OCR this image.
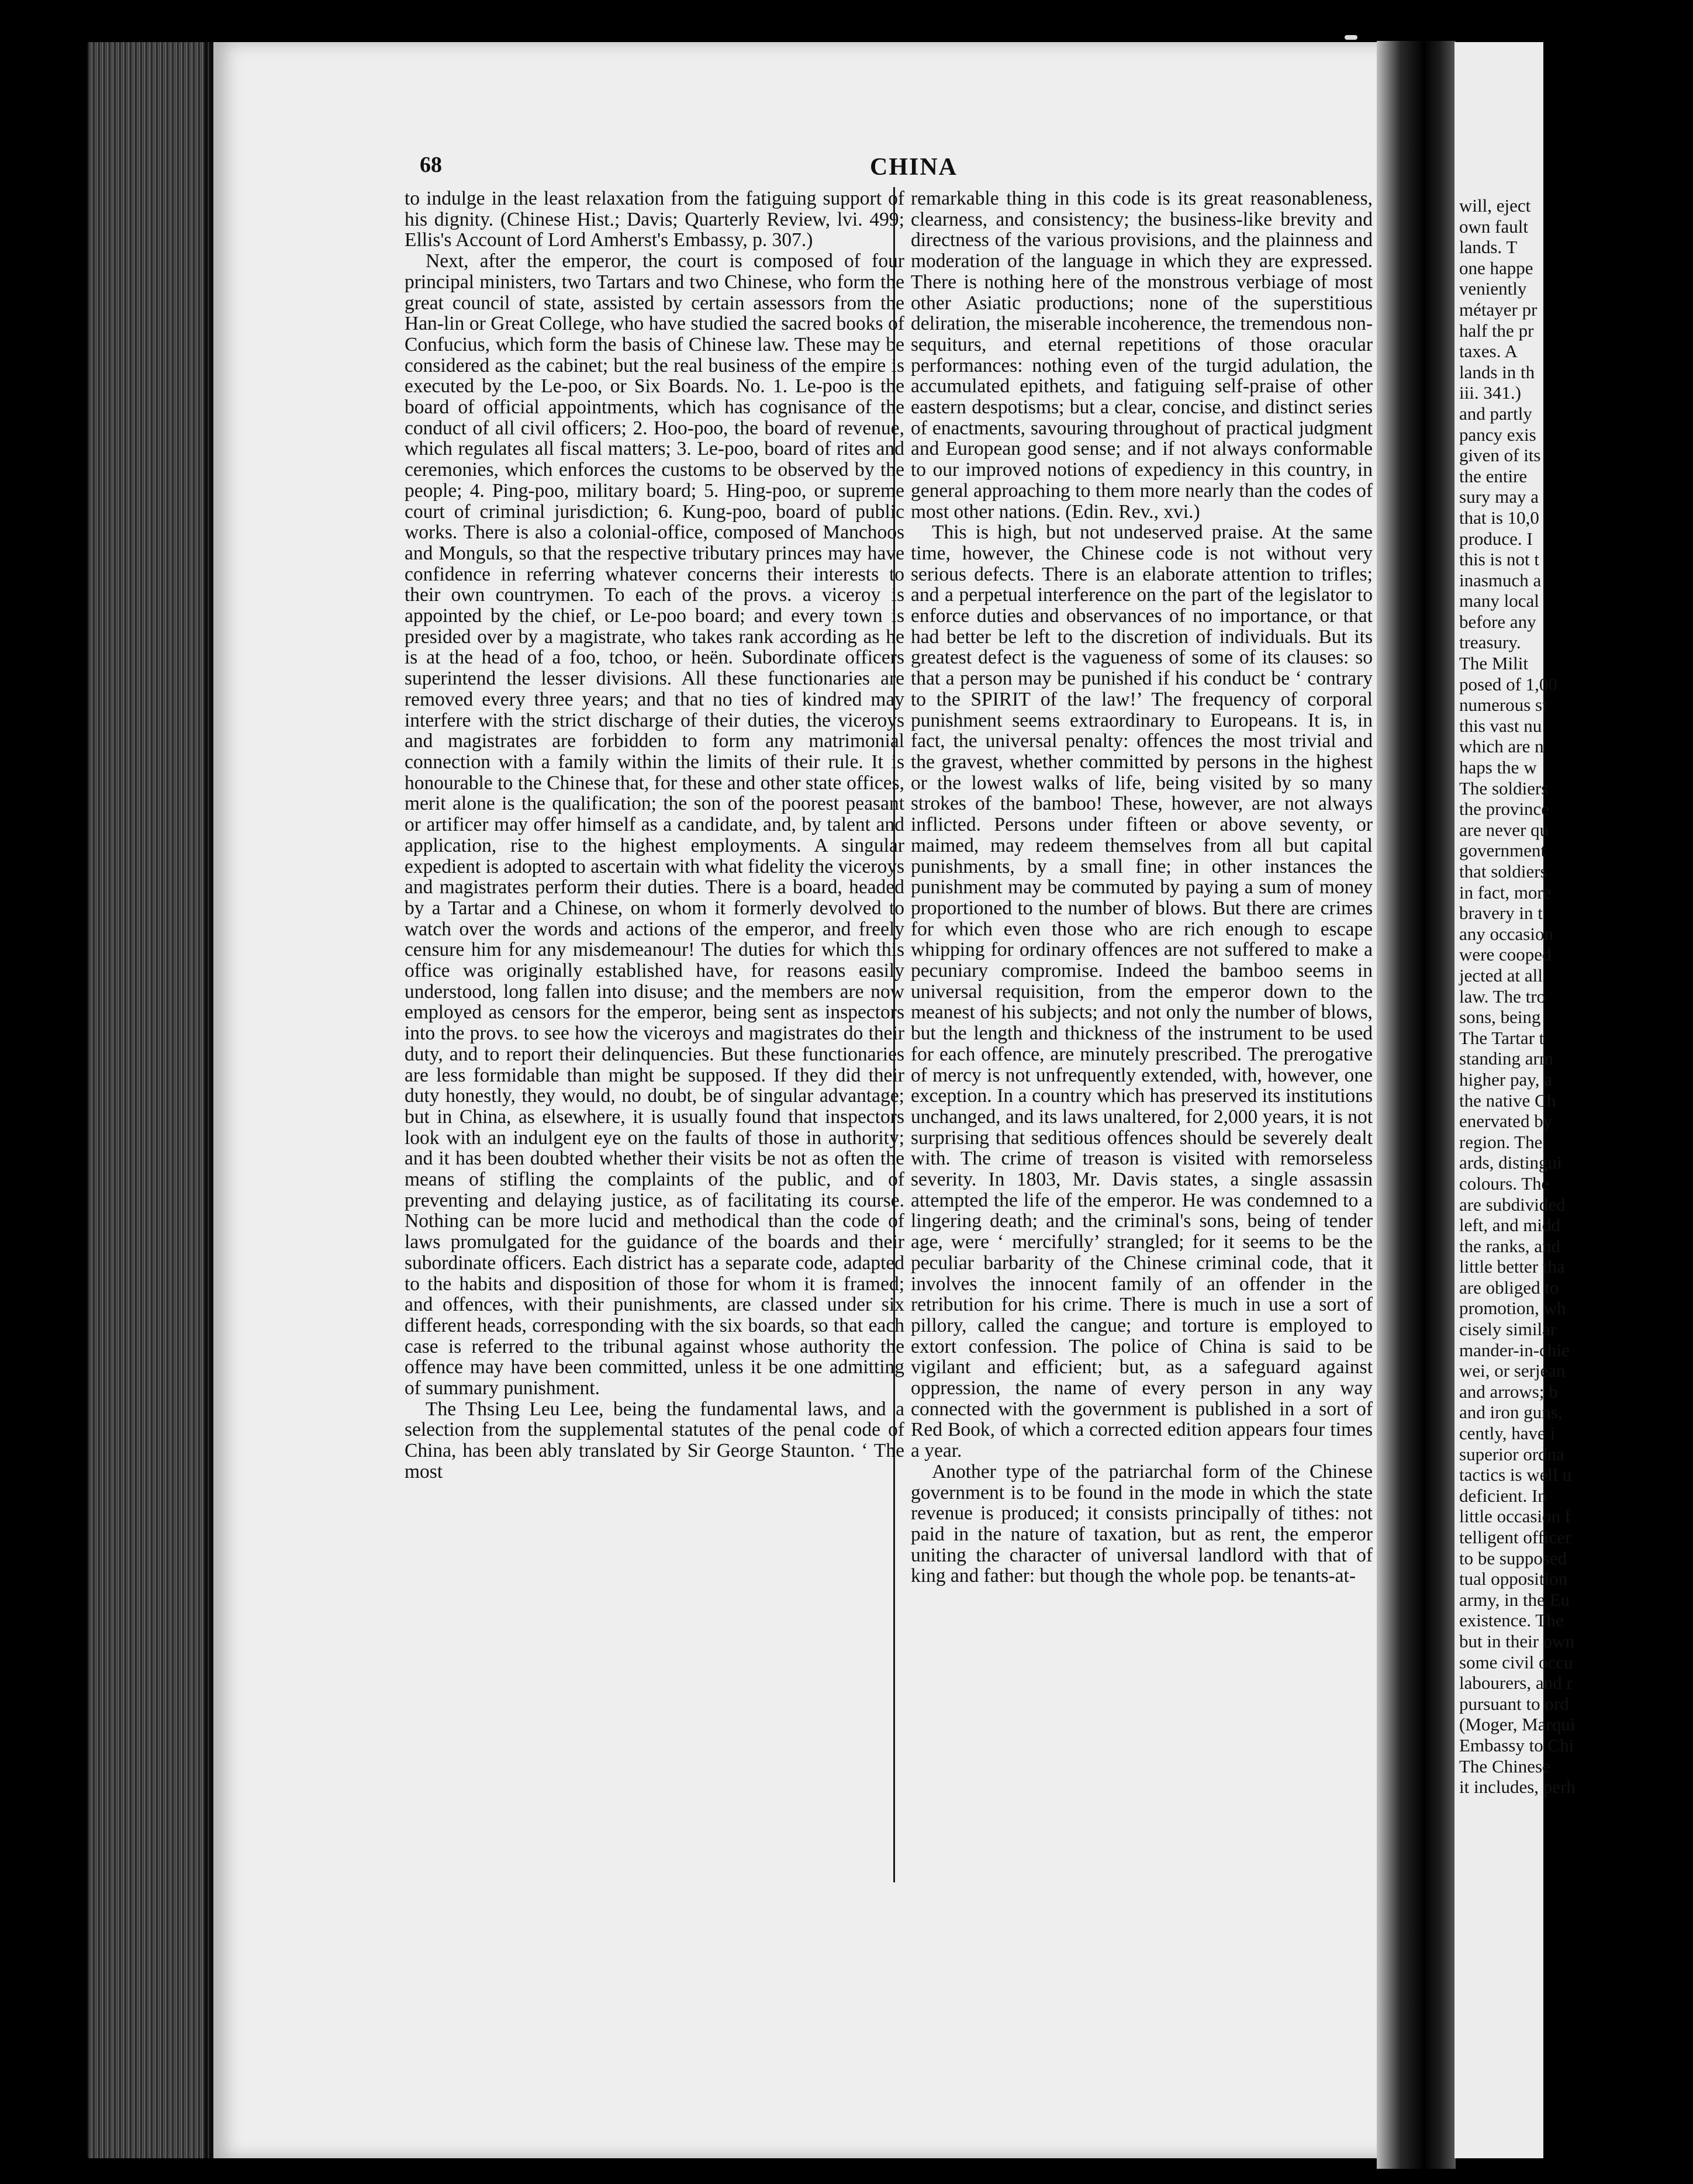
will, eject
own fault
lands. T
one happe
veniently
métayer pr
half the pr
taxes. A
lands in th
iii. 341.)
and partly
pancy exis
given of its
the entire
sury may a
that is 10,0
produce. I
this is not t
inasmuch a
many local
before any
treasury.
The Milit
posed of 1,00
numerous st
this vast nu
which are n
haps the w
The soldiers
the province
are never qu
government
that soldiers
in fact, more
bravery in t
any occasion
were cooped
jected at all
law. The tro
sons, being
The Tartar t
standing arm
higher pay, a
the native Ch
enervated by
region. The
ards, distingui
colours. The
are subdivided
left, and midd
the ranks, and
little better tha
are obliged to
promotion, wh
cisely similar
mander-in-chie
wei, or serjean
and arrows; b
and iron guns,
cently, have i
superior ordna
tactics is well u
deficient. In
little occasion f
telligent officer
to be supposed
tual opposition
army, in the Eu
existence. The
but in their own
some civil occu
labourers, and r
pursuant to ord
(Moger, Marqui
Embassy to Chi
The Chinese
it includes, perh
68	CHINA

to indulge in the least relaxation from the fatiguing support of his dignity. (Chinese Hist.; Davis; Quarterly Review, lvi. 499; Ellis's Account of Lord Amherst's Embassy, p. 307.)

Next, after the emperor, the court is composed of four principal ministers, two Tartars and two Chinese, who form the great council of state, assisted by certain assessors from the Han-lin or Great College, who have studied the sacred books of Confucius, which form the basis of Chinese law. These may be considered as the cabinet; but the real business of the empire is executed by the Le-poo, or Six Boards. No. 1. Le-poo is the board of official appointments, which has cognisance of the conduct of all civil officers; 2. Hoo-poo, the board of revenue, which regulates all fiscal matters; 3. Le-poo, board of rites and ceremonies, which enforces the customs to be observed by the people; 4. Ping-poo, military board; 5. Hing-poo, or supreme court of criminal jurisdiction; 6. Kung-poo, board of public works. There is also a colonial-office, composed of Manchoos and Monguls, so that the respective tributary princes may have confidence in referring whatever concerns their interests to their own countrymen. To each of the provs. a viceroy is appointed by the chief, or Le-poo board; and every town is presided over by a magistrate, who takes rank according as he is at the head of a foo, tchoo, or heën. Subordinate officers superintend the lesser divisions. All these functionaries are removed every three years; and that no ties of kindred may interfere with the strict discharge of their duties, the viceroys and magistrates are forbidden to form any matrimonial connection with a family within the limits of their rule. It is honourable to the Chinese that, for these and other state offices, merit alone is the qualification; the son of the poorest peasant or artificer may offer himself as a candidate, and, by talent and application, rise to the highest employments. A singular expedient is adopted to ascertain with what fidelity the viceroys and magistrates perform their duties. There is a board, headed by a Tartar and a Chinese, on whom it formerly devolved to watch over the words and actions of the emperor, and freely censure him for any misdemeanour! The duties for which this office was originally established have, for reasons easily understood, long fallen into disuse; and the members are now employed as censors for the emperor, being sent as inspectors into the provs. to see how the viceroys and magistrates do their duty, and to report their delinquencies. But these functionaries are less formidable than might be supposed. If they did their duty honestly, they would, no doubt, be of singular advantage; but in China, as elsewhere, it is usually found that inspectors look with an indulgent eye on the faults of those in authority; and it has been doubted whether their visits be not as often the means of stifling the complaints of the public, and of preventing and delaying justice, as of facilitating its course. Nothing can be more lucid and methodical than the code of laws promulgated for the guidance of the boards and their subordinate officers. Each district has a separate code, adapted to the habits and disposition of those for whom it is framed; and offences, with their punishments, are classed under six different heads, corresponding with the six boards, so that each case is referred to the tribunal against whose authority the offence may have been committed, unless it be one admitting of summary punishment.

The Thsing Leu Lee, being the fundamental laws, and a selection from the supplemental statutes of the penal code of China, has been ably translated by Sir George Staunton. ‘ The most

remarkable thing in this code is its great reasonableness, clearness, and consistency; the business-like brevity and directness of the various provisions, and the plainness and moderation of the language in which they are expressed. There is nothing here of the monstrous verbiage of most other Asiatic productions; none of the superstitious deliration, the miserable incoherence, the tremendous non-sequiturs, and eternal repetitions of those oracular performances: nothing even of the turgid adulation, the accumulated epithets, and fatiguing self-praise of other eastern despotisms; but a clear, concise, and distinct series of enactments, savouring throughout of practical judgment and European good sense; and if not always conformable to our improved notions of expediency in this country, in general approaching to them more nearly than the codes of most other nations. (Edin. Rev., xvi.)

This is high, but not undeserved praise. At the same time, however, the Chinese code is not without very serious defects. There is an elaborate attention to trifles; and a perpetual interference on the part of the legislator to enforce duties and observances of no importance, or that had better be left to the discretion of individuals. But its greatest defect is the vagueness of some of its clauses: so that a person may be punished if his conduct be ‘ contrary to the SPIRIT of the law!’ The frequency of corporal punishment seems extraordinary to Europeans. It is, in fact, the universal penalty: offences the most trivial and the gravest, whether committed by persons in the highest or the lowest walks of life, being visited by so many strokes of the bamboo! These, however, are not always inflicted. Persons under fifteen or above seventy, or maimed, may redeem themselves from all but capital punishments, by a small fine; in other instances the punishment may be commuted by paying a sum of money proportioned to the number of blows. But there are crimes for which even those who are rich enough to escape whipping for ordinary offences are not suffered to make a pecuniary compromise. Indeed the bamboo seems in universal requisition, from the emperor down to the meanest of his subjects; and not only the number of blows, but the length and thickness of the instrument to be used for each offence, are minutely prescribed. The prerogative of mercy is not unfrequently extended, with, however, one exception. In a country which has preserved its institutions unchanged, and its laws unaltered, for 2,000 years, it is not surprising that seditious offences should be severely dealt with. The crime of treason is visited with remorseless severity. In 1803, Mr. Davis states, a single assassin attempted the life of the emperor. He was condemned to a lingering death; and the criminal's sons, being of tender age, were ‘ mercifully’ strangled; for it seems to be the peculiar barbarity of the Chinese criminal code, that it involves the innocent family of an offender in the retribution for his crime. There is much in use a sort of pillory, called the cangue; and torture is employed to extort confession. The police of China is said to be vigilant and efficient; but, as a safeguard against oppression, the name of every person in any way connected with the government is published in a sort of Red Book, of which a corrected edition appears four times a year.

Another type of the patriarchal form of the Chinese government is to be found in the mode in which the state revenue is produced; it consists principally of tithes: not paid in the nature of taxation, but as rent, the emperor uniting the character of universal landlord with that of king and father: but though the whole pop. be tenants-at-
